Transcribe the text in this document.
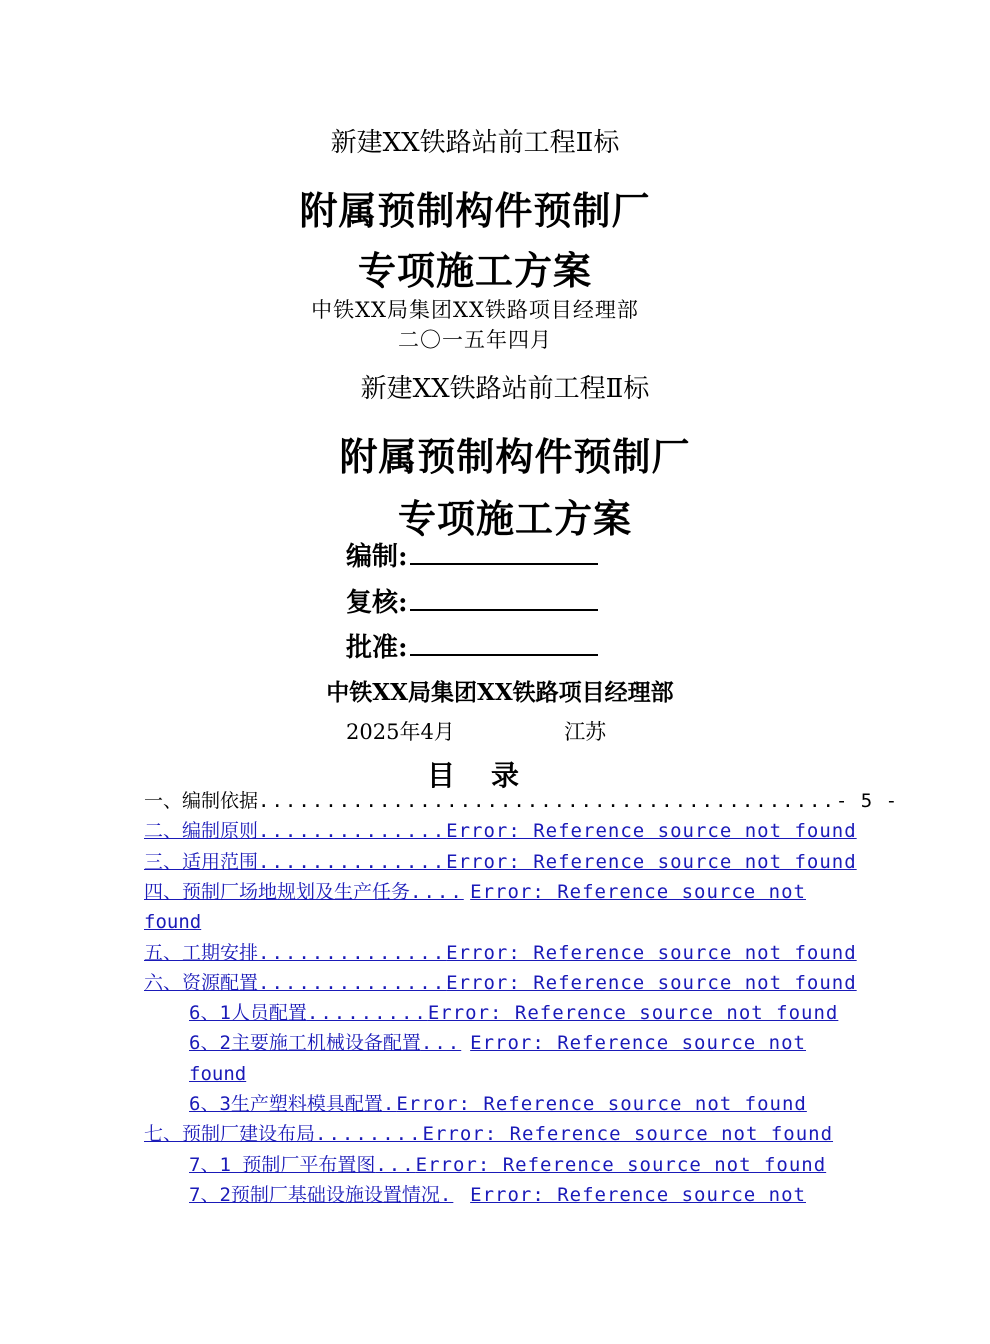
新建XX铁路站前工程Ⅱ标
附属预制构件预制厂
专项施工方案
中铁XX局集团XX铁路项目经理部
二〇一五年四月
新建XX铁路站前工程Ⅱ标
附属预制构件预制厂
专项施工方案
编制:
复核:
批准:
中铁XX局集团XX铁路项目经理部
2025年4月	江苏
目　录
一、编制依据 ........................................... - 5 -
二、编制原则 .............. Error: Reference source not found
三、适用范围 .............. Error: Reference source not found
四、预制厂场地规划及生产任务 .... Error: Reference source not
found
五、工期安排 .............. Error: Reference source not found
六、资源配置 .............. Error: Reference source not found
6、1人员配置 ......... Error: Reference source not found
6、2主要施工机械设备配置 ... Error: Reference source not
found
6、3生产塑料模具配置 . Error: Reference source not found
七、预制厂建设布局 ........ Error: Reference source not found
7、1 预制厂平布置图 ... Error: Reference source not found
7、2预制厂基础设施设置情况 . Error: Reference source not
